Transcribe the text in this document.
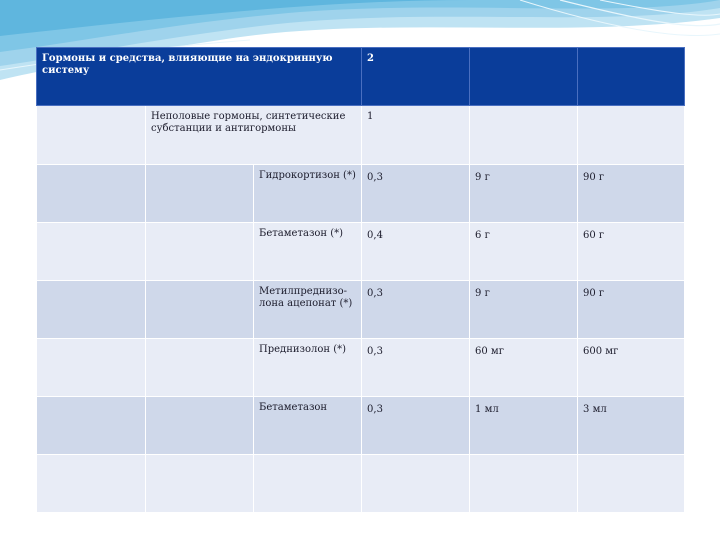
Гормоны и средства, влияющие на эндокринную систему			2		
	Неполовые гормоны, синтетические субстанции и антигормоны		1		
		Гидрокортизон (*)	0,3	9 г	90 г
		Бетаметазон (*)	0,4	6 г	60 г
		Метилпреднизо-лона ацепонат (*)	0,3	9 г	90 г
		Преднизолон (*)	0,3	60 мг	600 мг
		Бетаметазон	0,3	1 мл	3 мл
